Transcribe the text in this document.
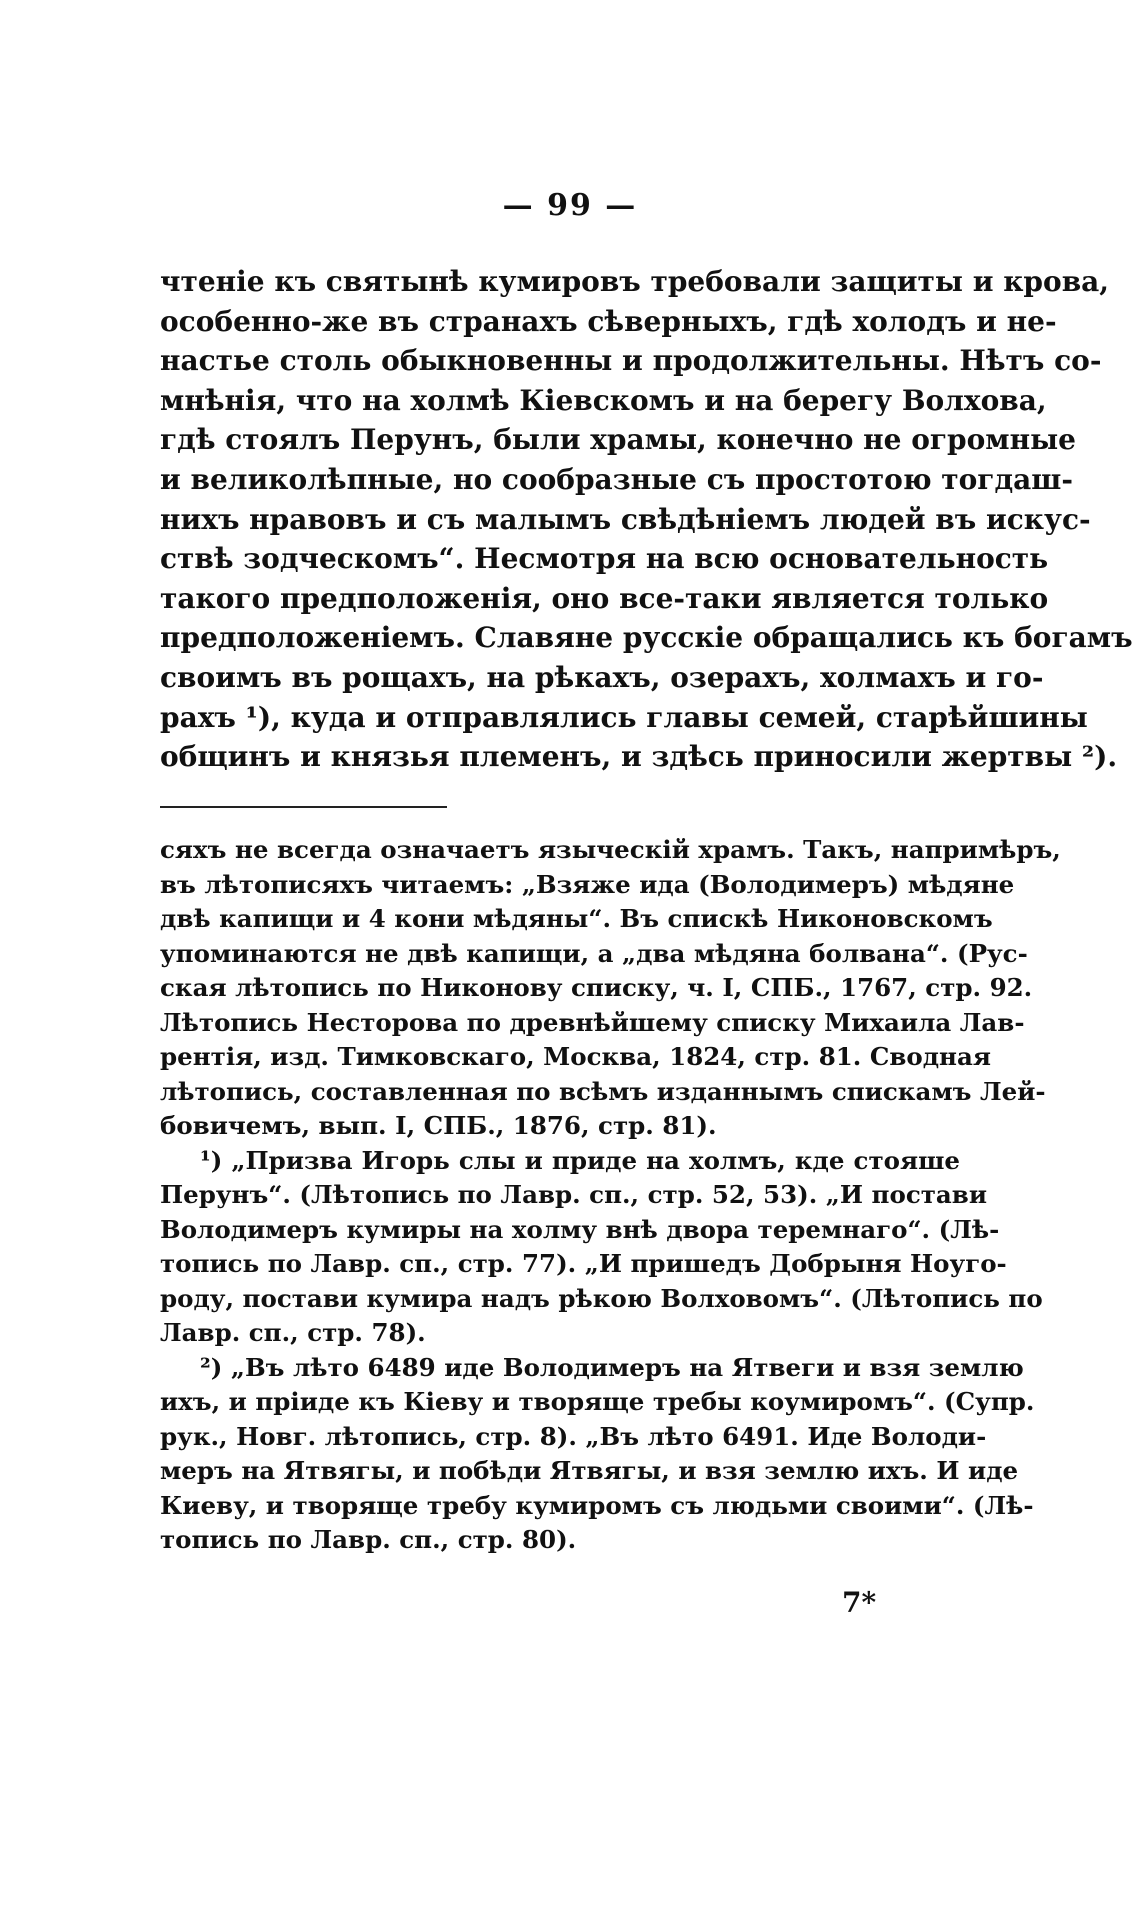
— 99 —
чтеніе къ святынѣ кумировъ требовали защиты и крова,
особенно-же въ странахъ сѣверныхъ, гдѣ холодъ и не-
настье столь обыкновенны и продолжительны. Нѣтъ со-
мнѣнія, что на холмѣ Кіевскомъ и на берегу Волхова,
гдѣ стоялъ Перунъ, были храмы, конечно не огромные
и великолѣпные, но сообразные съ простотою тогдаш-
нихъ нравовъ и съ малымъ свѣдѣніемъ людей въ искус-
ствѣ зодческомъ“. Несмотря на всю основательность
такого предположенія, оно все-таки является только
предположеніемъ. Славяне русскіе обращались къ богамъ
своимъ въ рощахъ, на рѣкахъ, озерахъ, холмахъ и го-
рахъ ¹), куда и отправлялись главы семей, старѣйшины
общинъ и князья племенъ, и здѣсь приносили жертвы ²).
сяхъ не всегда означаетъ языческій храмъ. Такъ, напримѣръ,
въ лѣтописяхъ читаемъ: „Взяже ида (Володимеръ) мѣдяне
двѣ капищи и 4 кони мѣдяны“. Въ спискѣ Никоновскомъ
упоминаются не двѣ капищи, а „два мѣдяна болвана“. (Рус-
ская лѣтопись по Никонову списку, ч. I, СПБ., 1767, стр. 92.
Лѣтопись Несторова по древнѣйшему списку Михаила Лав-
рентія, изд. Тимковскаго, Москва, 1824, стр. 81. Сводная
лѣтопись, составленная по всѣмъ изданнымъ спискамъ Лей-
бовичемъ, вып. I, СПБ., 1876, стр. 81).
¹) „Призва Игорь слы и приде на холмъ, кде стояше
Перунъ“. (Лѣтопись по Лавр. сп., стр. 52, 53). „И постави
Володимеръ кумиры на холму внѣ двора теремнаго“. (Лѣ-
топись по Лавр. сп., стр. 77). „И пришедъ Добрыня Ноуго-
роду, постави кумира надъ рѣкою Волховомъ“. (Лѣтопись по
Лавр. сп., стр. 78).
²) „Въ лѣто 6489 иде Володимеръ на Ятвеги и взя землю
ихъ, и пріиде къ Кіеву и творяще требы коумиромъ“. (Супр.
рук., Новг. лѣтопись, стр. 8). „Въ лѣто 6491. Иде Володи-
меръ на Ятвягы, и побѣди Ятвягы, и взя землю ихъ. И иде
Киеву, и творяще требу кумиромъ съ людьми своими“. (Лѣ-
топись по Лавр. сп., стр. 80).
7*
